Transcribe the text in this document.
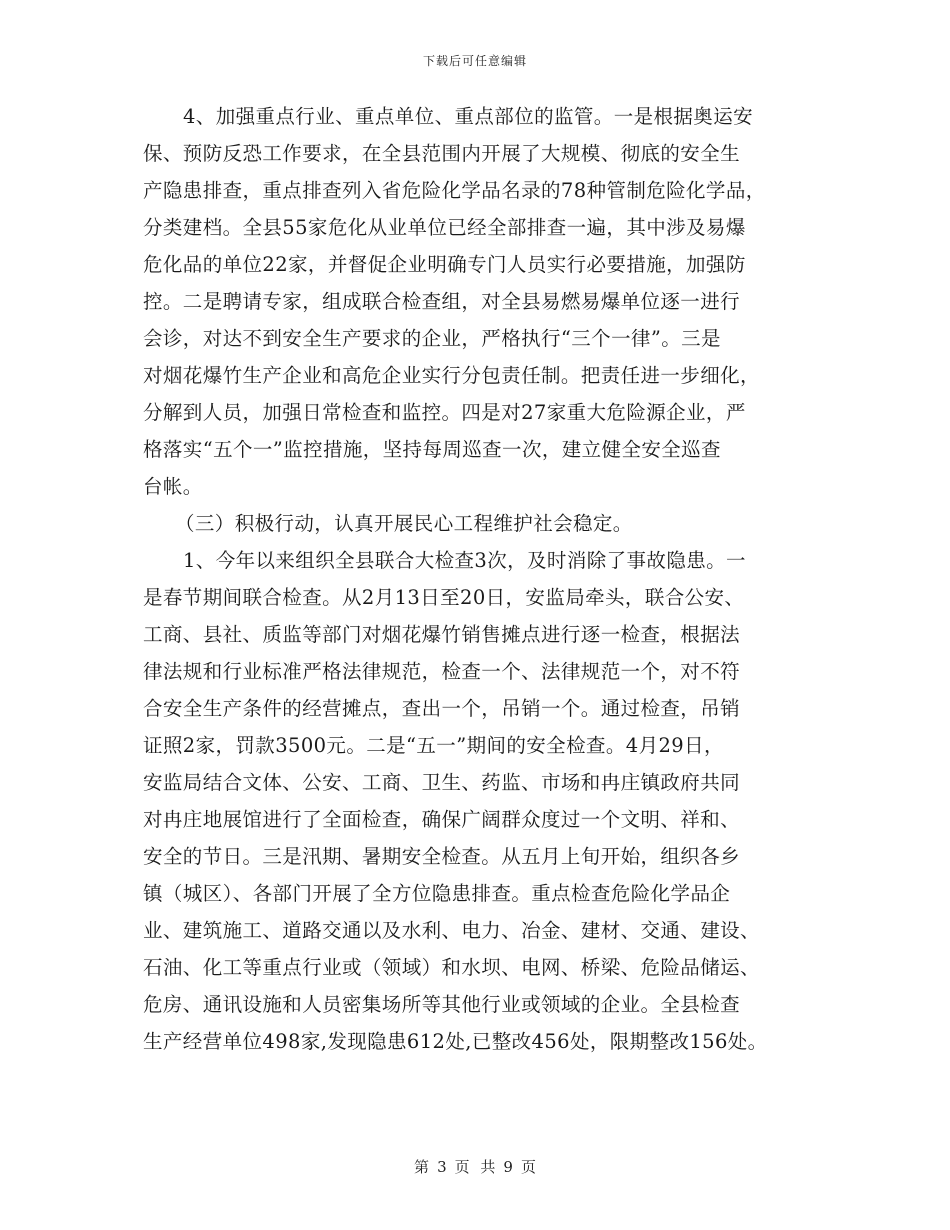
下载后可任意编辑
4、加强重点行业、重点单位、重点部位的监管。一是根据奥运安
保、预防反恐工作要求，在全县范围内开展了大规模、彻底的安全生
产隐患排查，重点排查列入省危险化学品名录的78种管制危险化学品，
分类建档。全县55家危化从业单位已经全部排查一遍，其中涉及易爆
危化品的单位22家，并督促企业明确专门人员实行必要措施，加强防
控。二是聘请专家，组成联合检查组，对全县易燃易爆单位逐一进行
会诊，对达不到安全生产要求的企业，严格执行“三个一律”。三是
对烟花爆竹生产企业和高危企业实行分包责任制。把责任进一步细化，
分解到人员，加强日常检查和监控。四是对27家重大危险源企业，严
格落实“五个一”监控措施，坚持每周巡查一次，建立健全安全巡查
台帐。
（三）积极行动，认真开展民心工程维护社会稳定。
1、今年以来组织全县联合大检查3次，及时消除了事故隐患。一
是春节期间联合检查。从2月13日至20日，安监局牵头，联合公安、
工商、县社、质监等部门对烟花爆竹销售摊点进行逐一检查，根据法
律法规和行业标准严格法律规范，检查一个、法律规范一个，对不符
合安全生产条件的经营摊点，查出一个，吊销一个。通过检查，吊销
证照2家，罚款3500元。二是“五一”期间的安全检查。4月29日，
安监局结合文体、公安、工商、卫生、药监、市场和冉庄镇政府共同
对冉庄地展馆进行了全面检查，确保广阔群众度过一个文明、祥和、
安全的节日。三是汛期、暑期安全检查。从五月上旬开始，组织各乡
镇（城区）、各部门开展了全方位隐患排查。重点检查危险化学品企
业、建筑施工、道路交通以及水利、电力、冶金、建材、交通、建设、
石油、化工等重点行业或（领域）和水坝、电网、桥梁、危险品储运、
危房、通讯设施和人员密集场所等其他行业或领域的企业。全县检查
生产经营单位498家,发现隐患612处,已整改456处，限期整改156处。
第 3 页 共 9 页
